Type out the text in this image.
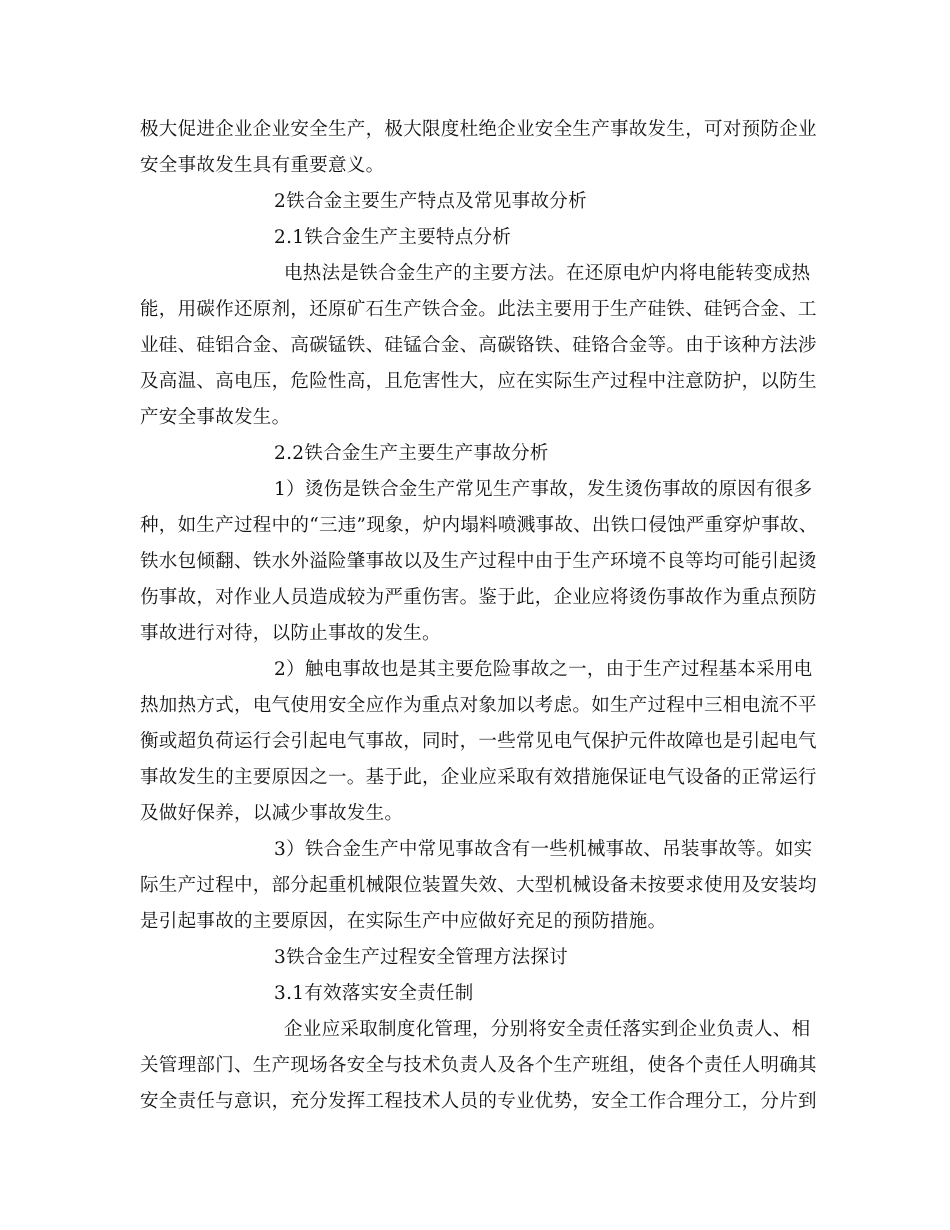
极大促进企业企业安全生产，极大限度杜绝企业安全生产事故发生，可对预防企业
安全事故发生具有重要意义。
2铁合金主要生产特点及常见事故分析
2.1铁合金生产主要特点分析
电热法是铁合金生产的主要方法。在还原电炉内将电能转变成热
能，用碳作还原剂，还原矿石生产铁合金。此法主要用于生产硅铁、硅钙合金、工
业硅、硅铝合金、高碳锰铁、硅锰合金、高碳铬铁、硅铬合金等。由于该种方法涉
及高温、高电压，危险性高，且危害性大，应在实际生产过程中注意防护，以防生
产安全事故发生。
2.2铁合金生产主要生产事故分析
1）烫伤是铁合金生产常见生产事故，发生烫伤事故的原因有很多
种，如生产过程中的“三违”现象，炉内塌料喷溅事故、出铁口侵蚀严重穿炉事故、
铁水包倾翻、铁水外溢险肇事故以及生产过程中由于生产环境不良等均可能引起烫
伤事故，对作业人员造成较为严重伤害。鉴于此，企业应将烫伤事故作为重点预防
事故进行对待，以防止事故的发生。
2）触电事故也是其主要危险事故之一，由于生产过程基本采用电
热加热方式，电气使用安全应作为重点对象加以考虑。如生产过程中三相电流不平
衡或超负荷运行会引起电气事故，同时，一些常见电气保护元件故障也是引起电气
事故发生的主要原因之一。基于此，企业应采取有效措施保证电气设备的正常运行
及做好保养，以减少事故发生。
3）铁合金生产中常见事故含有一些机械事故、吊装事故等。如实
际生产过程中，部分起重机械限位装置失效、大型机械设备未按要求使用及安装均
是引起事故的主要原因，在实际生产中应做好充足的预防措施。
3铁合金生产过程安全管理方法探讨
3.1有效落实安全责任制
企业应采取制度化管理，分别将安全责任落实到企业负责人、相
关管理部门、生产现场各安全与技术负责人及各个生产班组，使各个责任人明确其
安全责任与意识，充分发挥工程技术人员的专业优势，安全工作合理分工，分片到
